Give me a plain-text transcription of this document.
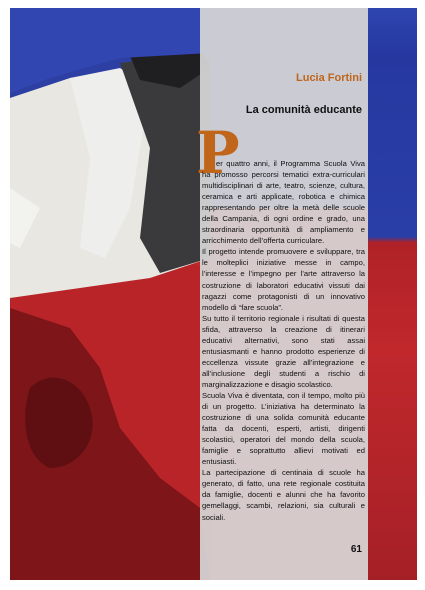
Lucia Fortini

La comunità educante
P

er quattro anni, il Programma Scuola Viva ha promosso percorsi tematici extra-curriculari multidisciplinari di arte, teatro, scienze, cultura, ceramica e arti applicate, robotica e chimica rappresentando per oltre la metà delle scuole della Campania, di ogni ordine e grado, una straordinaria opportunità di ampliamento e arricchimento dell’offerta curriculare.

Il progetto intende promuovere e sviluppare, tra le molteplici iniziative messe in campo, l’interesse e l’impegno per l’arte attraverso la costruzione di laboratori educativi vissuti dai ragazzi come protagonisti di un innovativo modello di “fare scuola”.

Su tutto il territorio regionale i risultati di questa sfida, attraverso la creazione di itinerari educativi alternativi, sono stati assai entusiasmanti e hanno prodotto esperienze di eccellenza vissute grazie all’integrazione e all’inclusione degli studenti a rischio di marginalizzazione e disagio scolastico.

Scuola Viva è diventata, con il tempo, molto più di un progetto. L’iniziativa ha determinato la costruzione di una solida comunità educante fatta da docenti, esperti, artisti, dirigenti scolastici, operatori del mondo della scuola, famiglie e soprattutto allievi motivati ed entusiasti.

La partecipazione di centinaia di scuole ha generato, di fatto, una rete regionale costituita da famiglie, docenti e alunni che ha favorito gemellaggi, scambi, relazioni, sia culturali e sociali.

61
